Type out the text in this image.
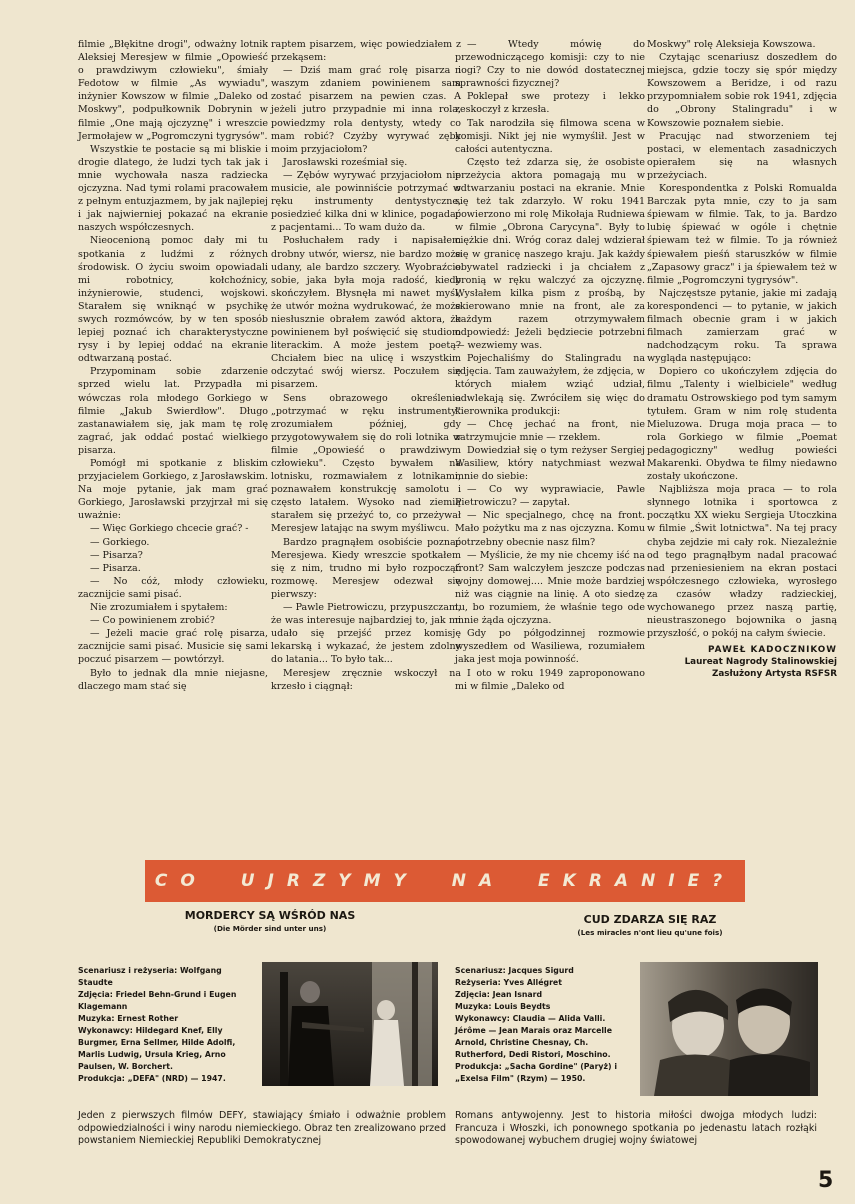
filmie „Błękitne drogi", odważny lotnik Aleksiej Meresjew w filmie „Opowieść o prawdziwym człowieku", śmiały Fedotow w filmie „As wywiadu", inżynier Kowszow w filmie „Daleko od Moskwy", podpułkownik Dobrynin w filmie „One mają ojczyznę" i wreszcie Jermołajew w „Pogromczyni tygrysów".

Wszystkie te postacie są mi bliskie i drogie dlatego, że ludzi tych tak jak i mnie wychowała nasza radziecka ojczyzna. Nad tymi rolami pracowałem z pełnym entuzjazmem, by jak najlepiej i jak najwierniej pokazać na ekranie naszych współczesnych.

Nieocenioną pomoc dały mi tu spotkania z ludźmi z różnych środowisk. O życiu swoim opowiadali mi robotnicy, kołchoźnicy, inżynierowie, studenci, wojskowi. Starałem się wniknąć w psychikę swych rozmówców, by w ten sposób lepiej poznać ich charakterystyczne rysy i by lepiej oddać na ekranie odtwarzaną postać.

Przypominam sobie zdarzenie sprzed wielu lat. Przypadła mi wówczas rola młodego Gorkiego w filmie „Jakub Swierdłow". Długo zastanawiałem się, jak mam tę rolę zagrać, jak oddać postać wielkiego pisarza.

Pomógł mi spotkanie z bliskim przyjacielem Gorkiego, z Jarosławskim. Na moje pytanie, jak mam grać Gorkiego, Jarosławski przyjrzał mi się uważnie:

— Więc Gorkiego chcecie grać? -

— Gorkiego.

— Pisarza?

— Pisarza.

— No cóż, młody człowieku, zacznijcie sami pisać.

Nie zrozumiałem i spytałem:

— Co powinienem zrobić?

— Jeżeli macie grać rolę pisarza, zacznijcie sami pisać. Musicie się sami poczuć pisarzem — powtórzył.

Było to jednak dla mnie niejasne, dlaczego mam stać się

raptem pisarzem, więc powiedziałem z przekąsem:

— Dziś mam grać rolę pisarza i waszym zdaniem powinienem sam zostać pisarzem na pewien czas. A jeżeli jutro przypadnie mi inna rola, powiedzmy rola dentysty, wtedy co mam robić? Czyżby wyrywać zęby moim przyjaciołom?

Jarosławski roześmiał się.

— Zębów wyrywać przyjaciołom nie musicie, ale powinniście potrzymać w ręku instrumenty dentystyczne, posiedzieć kilka dni w klinice, pogadać z pacjentami... To wam dużo da.

Posłuchałem rady i napisałem drobny utwór, wiersz, nie bardzo może udany, ale bardzo szczery. Wyobraźcie sobie, jaka była moja radość, kiedy skończyłem. Błysnęła mi nawet myśl, że utwór można wydrukować, że może niesłusznie obrałem zawód aktora, że powinienem był poświęcić się studiom literackim. A może jestem poetą? Chciałem biec na ulicę i wszystkim odczytać swój wiersz. Poczułem się pisarzem.

Sens obrazowego określenia „potrzymać w ręku instrumenty" zrozumiałem później, gdy przygotowywałem się do roli lotnika w filmie „Opowieść o prawdziwym człowieku". Często bywałem na lotnisku, rozmawiałem z lotnikami, poznawałem konstrukcję samolotu i często latałem. Wysoko nad ziemią starałem się przeżyć to, co przeżywał Meresjew latając na swym myśliwcu.

Bardzo pragnąłem osobiście poznać Meresjewa. Kiedy wreszcie spotkałem się z nim, trudno mi było rozpocząć rozmowę. Meresjew odezwał się pierwszy:

— Pawle Pietrowiczu, przypuszczam, że was interesuje najbardziej to, jak mi udało się przejść przez komisję lekarską i wykazać, że jestem zdolny do latania... To było tak...

Meresjew zręcznie wskoczył na krzesło i ciągnął:

— Wtedy mówię do przewodniczącego komisji: czy to nie nogi? Czy to nie dowód dostatecznej sprawności fizycznej?

Poklepał swe protezy i lekko zeskoczył z krzesła.

Tak narodziła się filmowa scena w komisji. Nikt jej nie wymyślił. Jest w całości autentyczna.

Często też zdarza się, że osobiste przeżycia aktora pomagają mu w odtwarzaniu postaci na ekranie. Mnie się też tak zdarzyło. W roku 1941 powierzono mi rolę Mikołaja Rudniewa w filmie „Obrona Carycyna". Były to ciężkie dni. Wróg coraz dalej wdzierał się w granicę naszego kraju. Jak każdy obywatel radziecki i ja chciałem z bronią w ręku walczyć za ojczyznę. Wysłałem kilka pism z prośbą, by skierowano mnie na front, ale za każdym razem otrzymywałem odpowiedź: Jeżeli będziecie potrzebni — wezwiemy was.

Pojechaliśmy do Stalingradu na zdjęcia. Tam zauważyłem, że zdjęcia, w których miałem wziąć udział, odwlekają się. Zwróciłem się więc do kierownika produkcji:

— Chcę jechać na front, nie zatrzymujcie mnie — rzekłem.

Dowiedział się o tym reżyser Sergiej Wasiliew, który natychmiast wezwał mnie do siebie:

— Co wy wyprawiacie, Pawle Pietrowiczu? — zapytał.

— Nic specjalnego, chcę na front. Mało pożytku ma z nas ojczyzna. Komu potrzebny obecnie nasz film?

— Myślicie, że my nie chcemy iść na front? Sam walczyłem jeszcze podczas wojny domowej.... Mnie może bardziej niż was ciągnie na linię. A oto siedzę tu, bo rozumiem, że właśnie tego ode mnie żąda ojczyzna.

Gdy po półgodzinnej rozmowie wyszedłem od Wasiliewa, rozumiałem jaka jest moja powinność.

I oto w roku 1949 zaproponowano mi w filmie „Daleko od

Moskwy" rolę Aleksieja Kowszowa.

Czytając scenariusz doszedłem do miejsca, gdzie toczy się spór między Kowszowem a Beridze, i od razu przypomniałem sobie rok 1941, zdjęcia do „Obrony Stalingradu" i w Kowszowie poznałem siebie.

Pracując nad stworzeniem tej postaci, w elementach zasadniczych opierałem się na własnych przeżyciach.

Korespondentka z Polski Romualda Barczak pyta mnie, czy to ja sam śpiewam w filmie. Tak, to ja. Bardzo lubię śpiewać w ogóle i chętnie śpiewam też w filmie. To ja również śpiewałem pieśń staruszków w filmie „Zapasowy gracz" i ja śpiewałem też w filmie „Pogromczyni tygrysów".

Najczęstsze pytanie, jakie mi zadają korespondenci — to pytanie, w jakich filmach obecnie gram i w jakich filmach zamierzam grać w nadchodzącym roku. Ta sprawa wygląda następująco:

Dopiero co ukończyłem zdjęcia do filmu „Talenty i wielbiciele" według dramatu Ostrowskiego pod tym samym tytułem. Gram w nim rolę studenta Mieluzowa. Druga moja praca — to rola Gorkiego w filmie „Poemat pedagogiczny" według powieści Makarenki. Obydwa te filmy niedawno zostały ukończone.

Najbliższa moja praca — to rola słynnego lotnika i sportowca z początku XX wieku Sergieja Utoczkina w filmie „Świt lotnictwa". Na tej pracy chyba zejdzie mi cały rok. Niezależnie od tego pragnąłbym nadal pracować nad przeniesieniem na ekran postaci współczesnego człowieka, wyrosłego za czasów władzy radzieckiej, wychowanego przez naszą partię, nieustraszonego bojownika o jasną przyszłość, o pokój na całym świecie.

PAWEŁ KADOCZNIKOW

Laureat Nagrody Stalinowskiej

Zasłużony Artysta RSFSR

CO UJRZYMY NA EKRANIE?
MORDERCY SĄ WŚRÓD NAS
(Die Mörder sind unter uns)
Scenariusz i reżyseria: Wolfgang Staudte
Zdjęcia: Friedel Behn-Grund i Eugen Klagemann
Muzyka: Ernest Rother
Wykonawcy: Hildegard Knef, Elly Burgmer, Erna Sellmer, Hilde Adolfi, Marlis Ludwig, Ursula Krieg, Arno Paulsen, W. Borchert.
Produkcja: „DEFA" (NRD) — 1947.
Jeden z pierwszych filmów DEFY, stawiający śmiało i odważnie problem odpowiedzialności i winy narodu niemieckiego. Obraz ten zrealizowano przed powstaniem Niemieckiej Republiki Demokratycznej
CUD ZDARZA SIĘ RAZ
(Les miracles n'ont lieu qu'une fois)
Scenariusz: Jacques Sigurd
Reżyseria: Yves Allégret
Zdjęcia: Jean Isnard
Muzyka: Louis Beydts
Wykonawcy: Claudia — Alida Valli. Jérôme — Jean Marais oraz Marcelle Arnold, Christine Chesnay, Ch. Rutherford, Dedi Ristori, Moschino.
Produkcja: „Sacha Gordine" (Paryż) i „Exelsa Film" (Rzym) — 1950.
Romans antywojenny. Jest to historia miłości dwojga młodych ludzi: Francuza i Włoszki, ich ponownego spotkania po jedenastu latach rozłąki spowodowanej wybuchem drugiej wojny światowej
5
